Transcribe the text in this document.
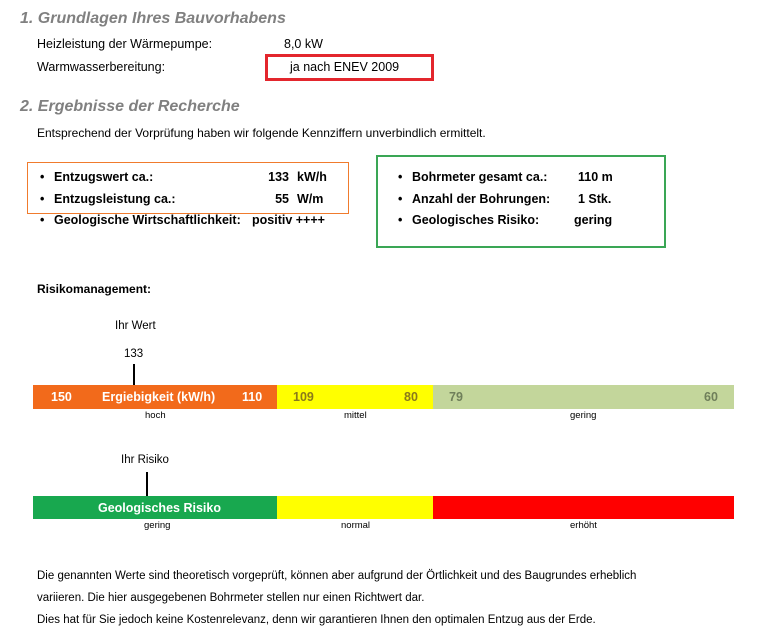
1. Grundlagen Ihres Bauvorhabens
Heizleistung der Wärmepumpe:	8,0 kW
Warmwasserbereitung:	ja nach ENEV 2009
2. Ergebnisse der Recherche
Entsprechend der Vorprüfung haben wir folgende Kennziffern unverbindlich ermittelt.
• Entzugswert ca.:	133 kW/h
• Entzugsleistung ca.:	55 W/m
• Geologische Wirtschaftlichkeit: positiv ++++
• Bohrmeter gesamt ca.: 110 m
• Anzahl der Bohrungen: 1 Stk.
• Geologisches Risiko:	gering
Risikomanagement:
Ihr Wert
133
150 Ergiebigkeit (kW/h) 110 109	80 79	60
hoch	mittel	gering
Ihr Risiko
Geologisches Risiko
gering	normal	erhöht
Die genannten Werte sind theoretisch vorgeprüft, können aber aufgrund der Örtlichkeit und des Baugrundes erheblich
variieren. Die hier ausgegebenen Bohrmeter stellen nur einen Richtwert dar.
Dies hat für Sie jedoch keine Kostenrelevanz, denn wir garantieren Ihnen den optimalen Entzug aus der Erde.
